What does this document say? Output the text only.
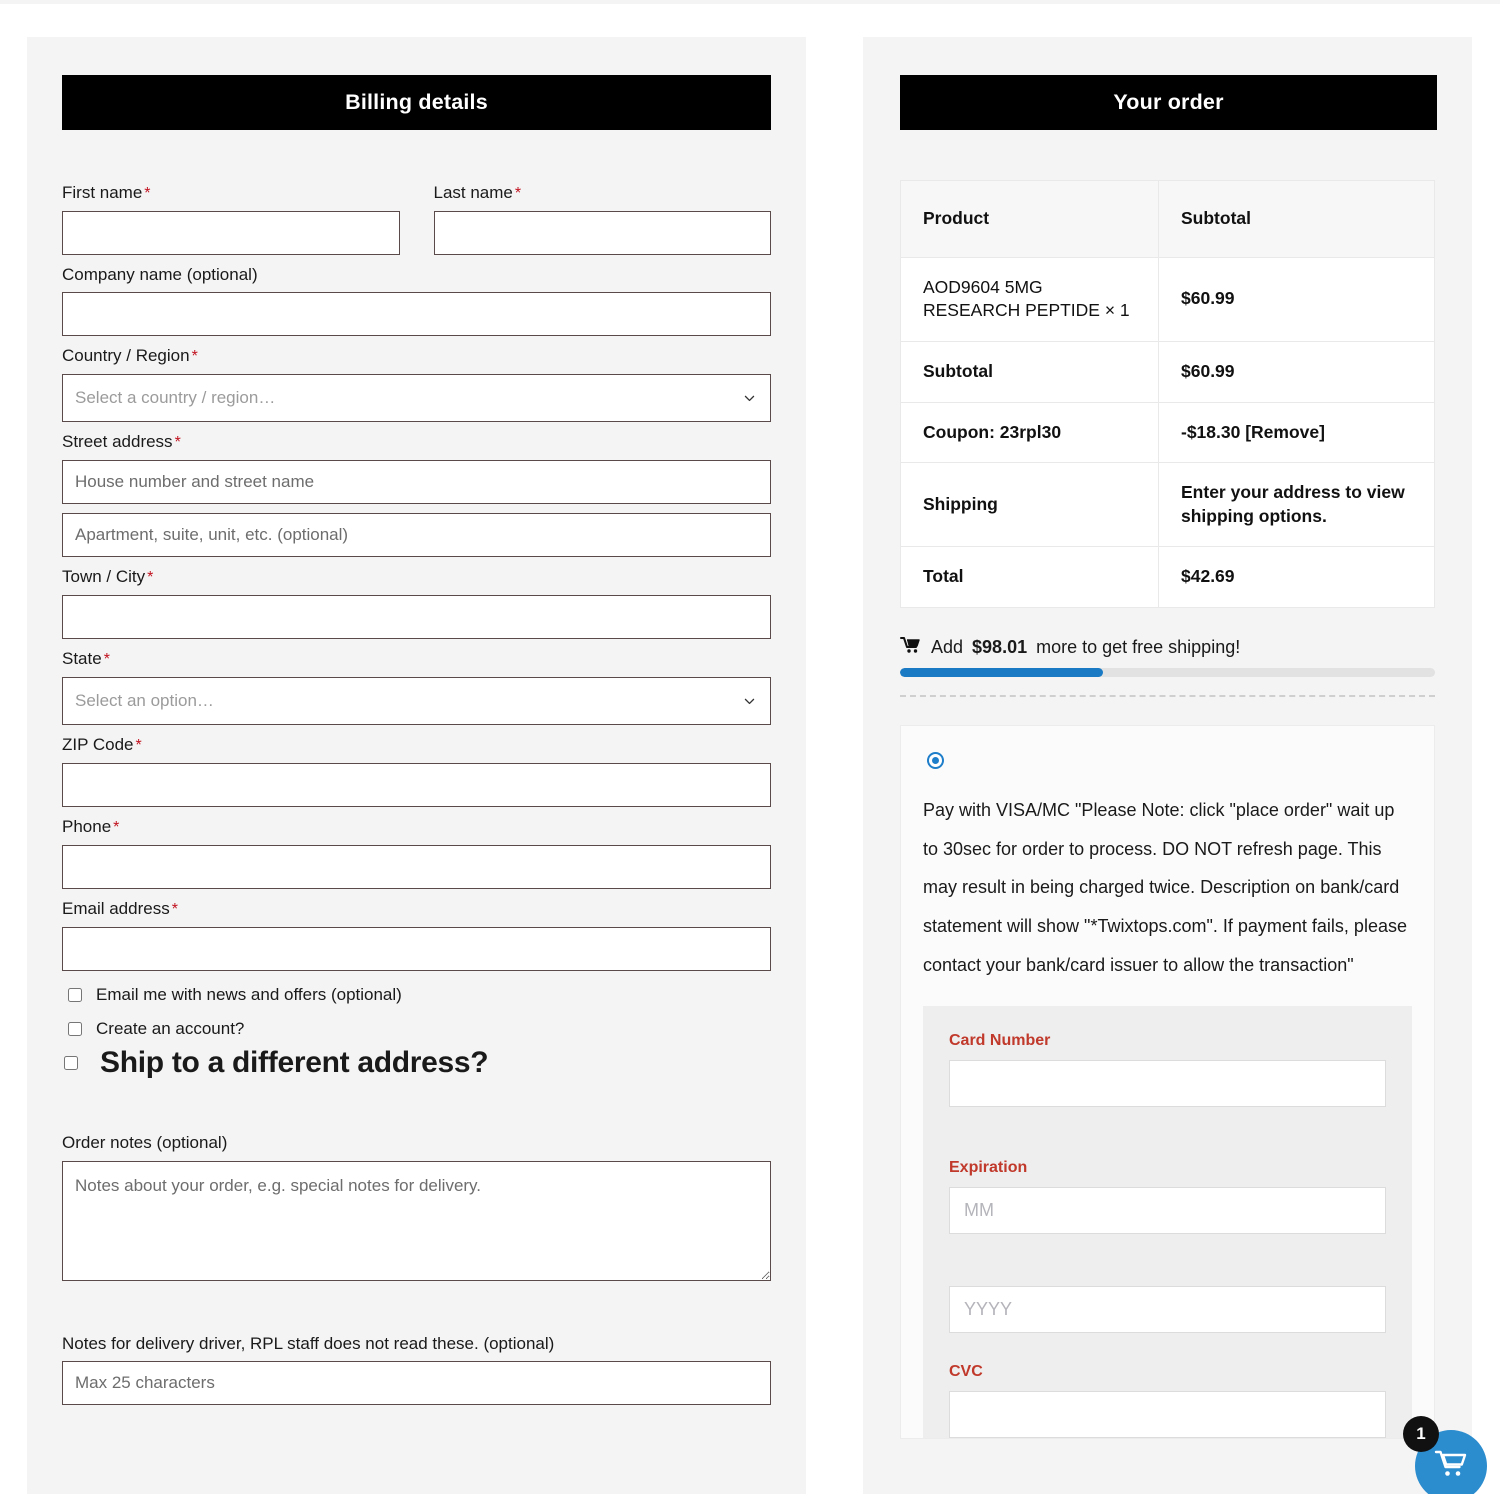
Billing details
First name *	Last name *
Company name (optional)
Country / Region *
Select a country / region…
Street address *
House number and street name
Apartment, suite, unit, etc. (optional)
Town / City *
State *
Select an option…
ZIP Code *
Phone *
Email address *
Email me with news and offers (optional)
Create an account?
Ship to a different address?
Order notes (optional)
Notes about your order, e.g. special notes for delivery.
Notes for delivery driver, RPL staff does not read these. (optional)
Max 25 characters
Your order
Product	Subtotal
AOD9604 5MG RESEARCH PEPTIDE × 1	$60.99
Subtotal	$60.99
Coupon: 23rpl30	-$18.30 [Remove]
Shipping	Enter your address to view shipping options.
Total	$42.69
Add $98.01 more to get free shipping!
Pay with VISA/MC "Please Note: click "place order" wait up to 30sec for order to process. DO NOT refresh page. This may result in being charged twice. Description on bank/card statement will show "*Twixtops.com". If payment fails, please contact your bank/card issuer to allow the transaction"
Card Number
Expiration
MM
YYYY
CVC
1
